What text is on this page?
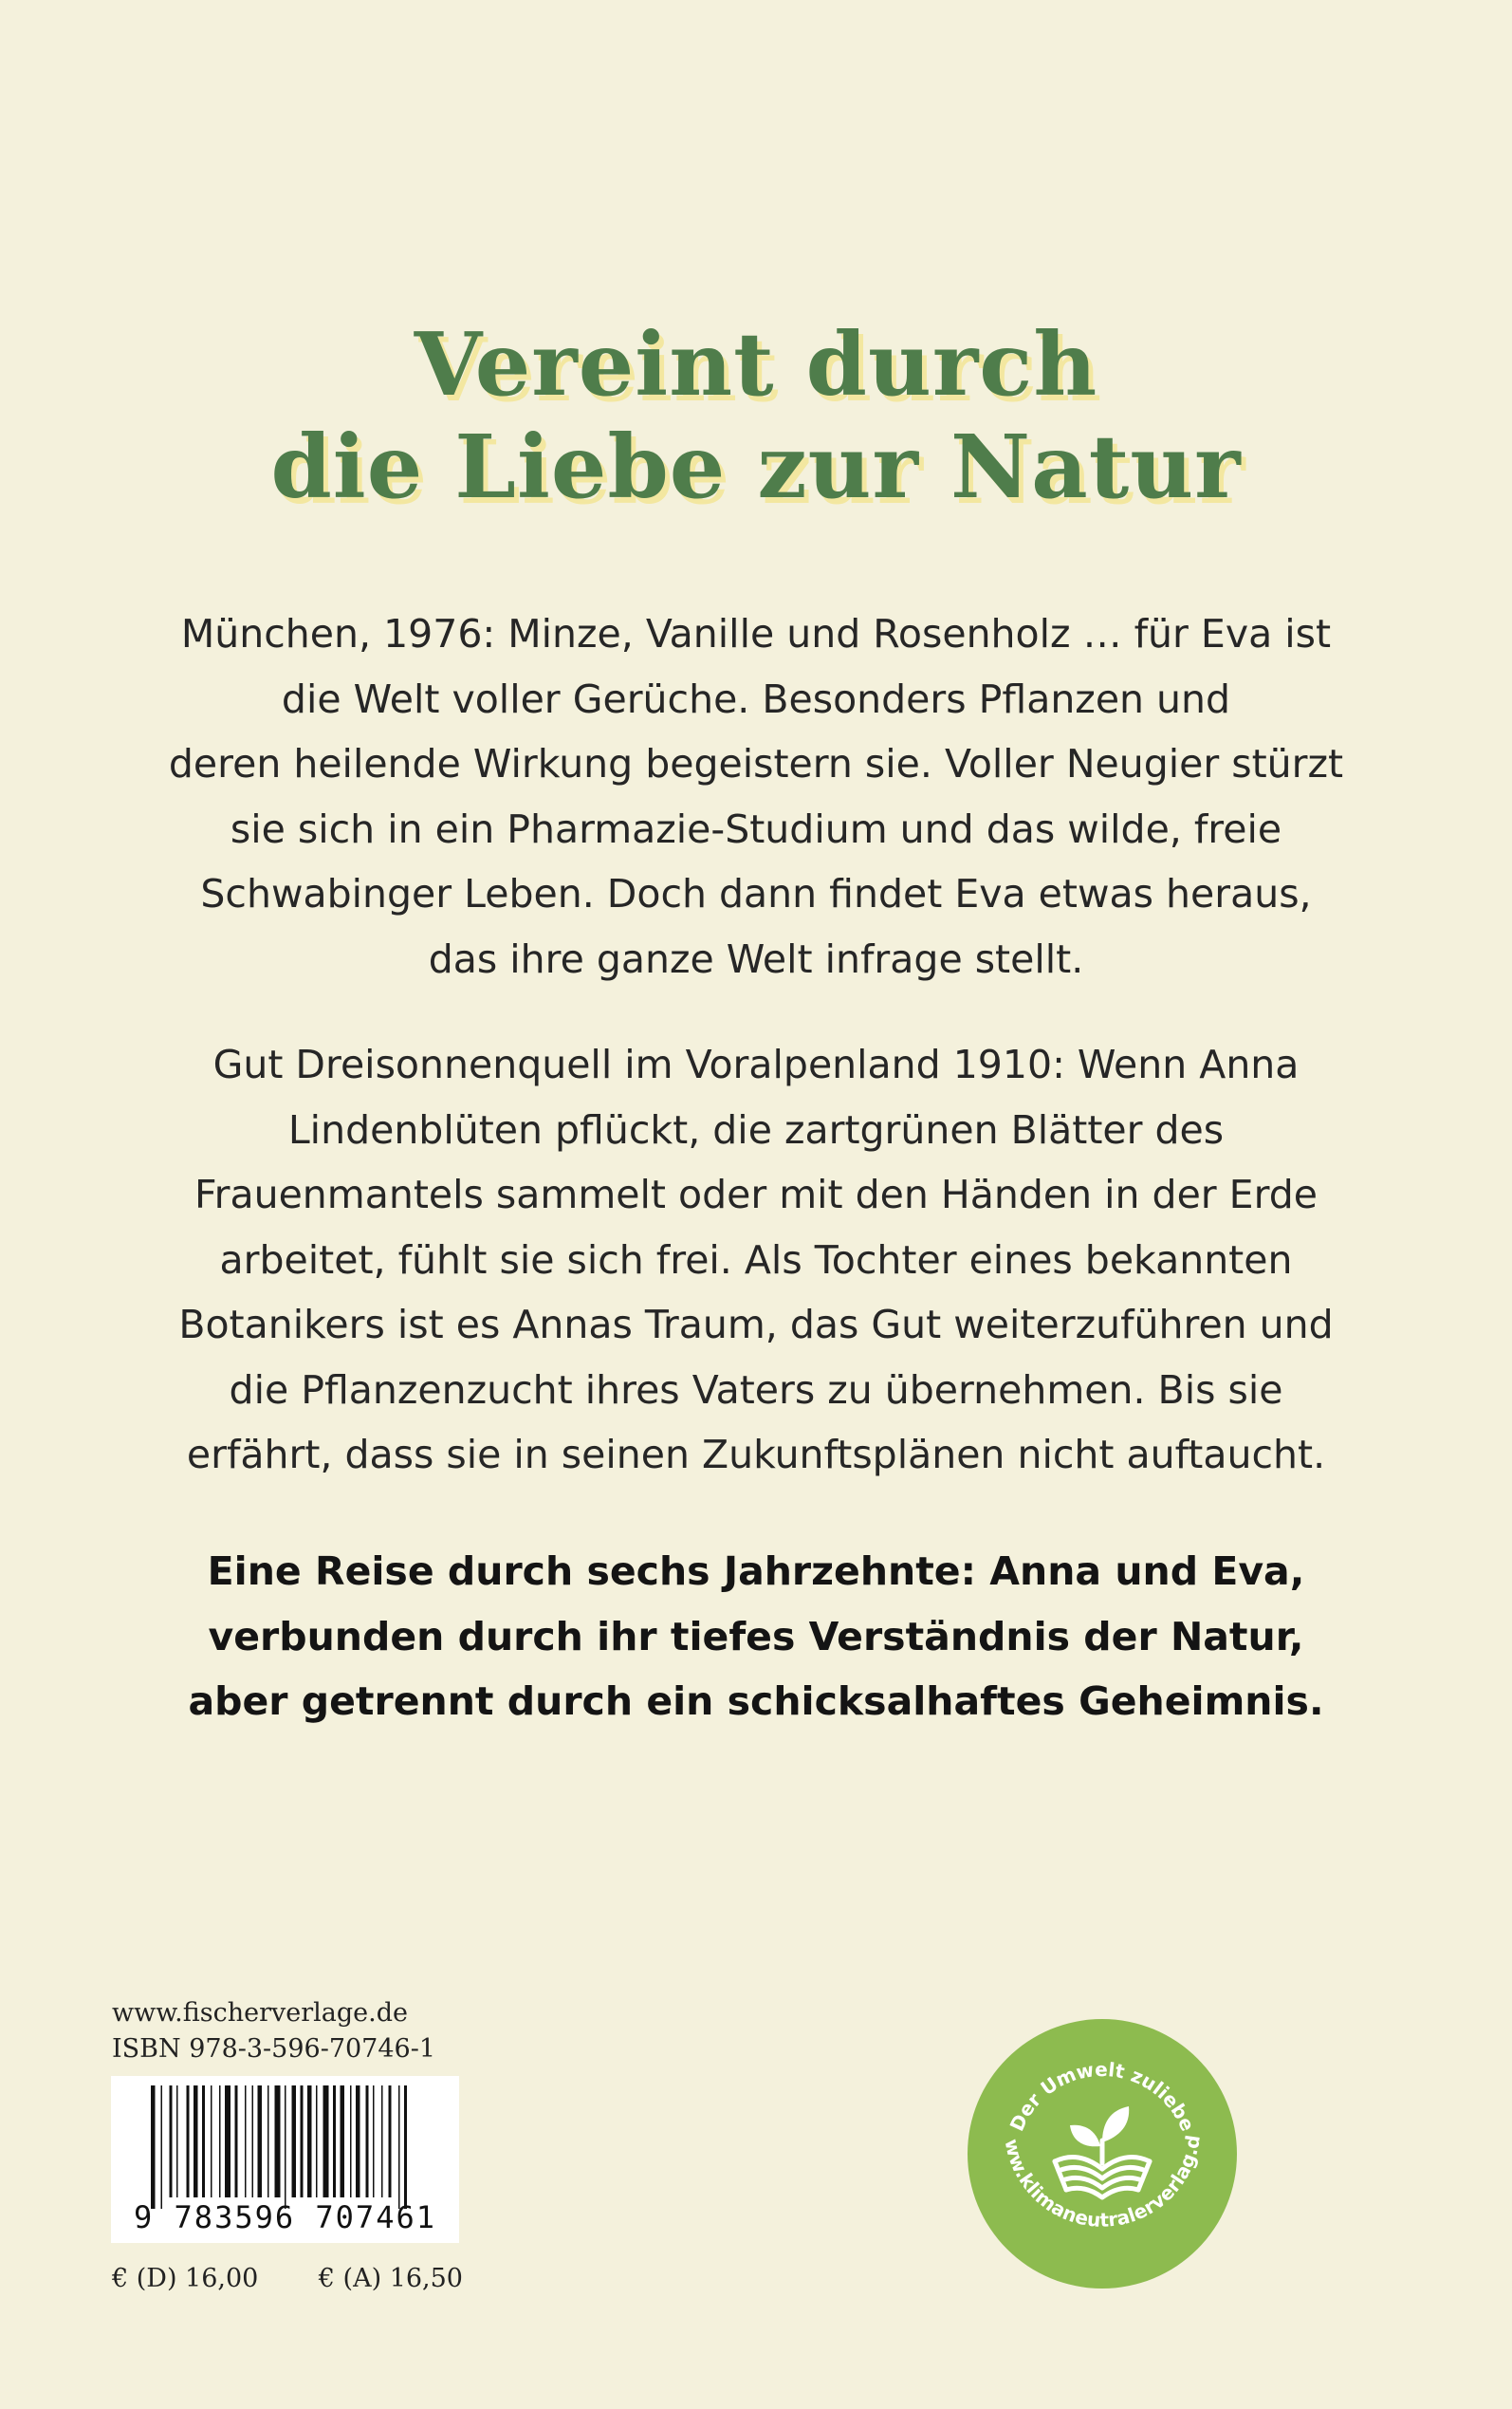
Vereint durch
die Liebe zur Natur
München, 1976: Minze, Vanille und Rosenholz … für Eva ist
die Welt voller Gerüche. Besonders Pflanzen und
deren heilende Wirkung begeistern sie. Voller Neugier stürzt
sie sich in ein Pharmazie-Studium und das wilde, freie
Schwabinger Leben. Doch dann findet Eva etwas heraus,
das ihre ganze Welt infrage stellt.
Gut Dreisonnenquell im Voralpenland 1910: Wenn Anna
Lindenblüten pflückt, die zartgrünen Blätter des
Frauenmantels sammelt oder mit den Händen in der Erde
arbeitet, fühlt sie sich frei. Als Tochter eines bekannten
Botanikers ist es Annas Traum, das Gut weiterzuführen und
die Pflanzenzucht ihres Vaters zu übernehmen. Bis sie
erfährt, dass sie in seinen Zukunftsplänen nicht auftaucht.
Eine Reise durch sechs Jahrzehnte: Anna und Eva,
verbunden durch ihr tiefes Verständnis der Natur,
aber getrennt durch ein schicksalhaftes Geheimnis.
www.fischerverlage.de
ISBN 978-3-596-70746-1
9 783596 707461
€ (D) 16,00 € (A) 16,50
Der Umwelt zuliebe
ww.klimaneutralerverlag.d
